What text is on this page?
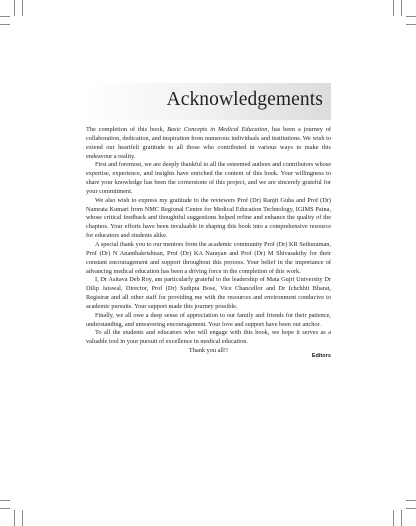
Acknowledgements

The completion of this book, Basic Concepts in Medical Education, has been a journey of collaboration, dedication, and inspiration from numerous individuals and institutions. We wish to extend our heartfelt gratitude to all those who contributed in various ways to make this endeavour a reality.

First and foremost, we are deeply thankful to all the esteemed authors and contributors whose expertise, experience, and insights have enriched the content of this book. Your willingness to share your knowledge has been the cornerstone of this project, and we are sincerely grateful for your commitment.

We also wish to express my gratitude to the reviewers Prof (Dr) Ranjit Guha and Prof (Dr) Namrata Kumari from NMC Regional Centre for Medical Education Technology, IGIMS Patna, whose critical feedback and thoughtful suggestions helped refine and enhance the quality of the chapters. Your efforts have been invaluable in shaping this book into a comprehensive resource for educators and students alike.

A special thank you to our mentors from the academic community Prof (Dr) KR Sethuraman, Prof (Dr) N Ananthakrishnan, Prof (Dr) KA Narayan and Prof (Dr) M Shivasakthy for their constant encouragement and support throughout this process. Your belief in the importance of advancing medical education has been a driving force in the completion of this work.

I, Dr Asitava Deb Roy, am particularly grateful to the leadership of Mata Gujri University Dr Dilip Jaiswal, Director, Prof (Dr) Sudipta Bose, Vice Chancellor and Dr Ichchhit Bharat, Registrar and all other staff for providing me with the resources and environment conducive to academic pursuits. Your support made this journey possible.

Finally, we all owe a deep sense of appreciation to our family and friends for their patience, understanding, and unwavering encouragement. Your love and support have been our anchor.

To all the students and educators who will engage with this book, we hope it serves as a valuable tool in your pursuit of excellence in medical education.

Thank you all!!

Editors
